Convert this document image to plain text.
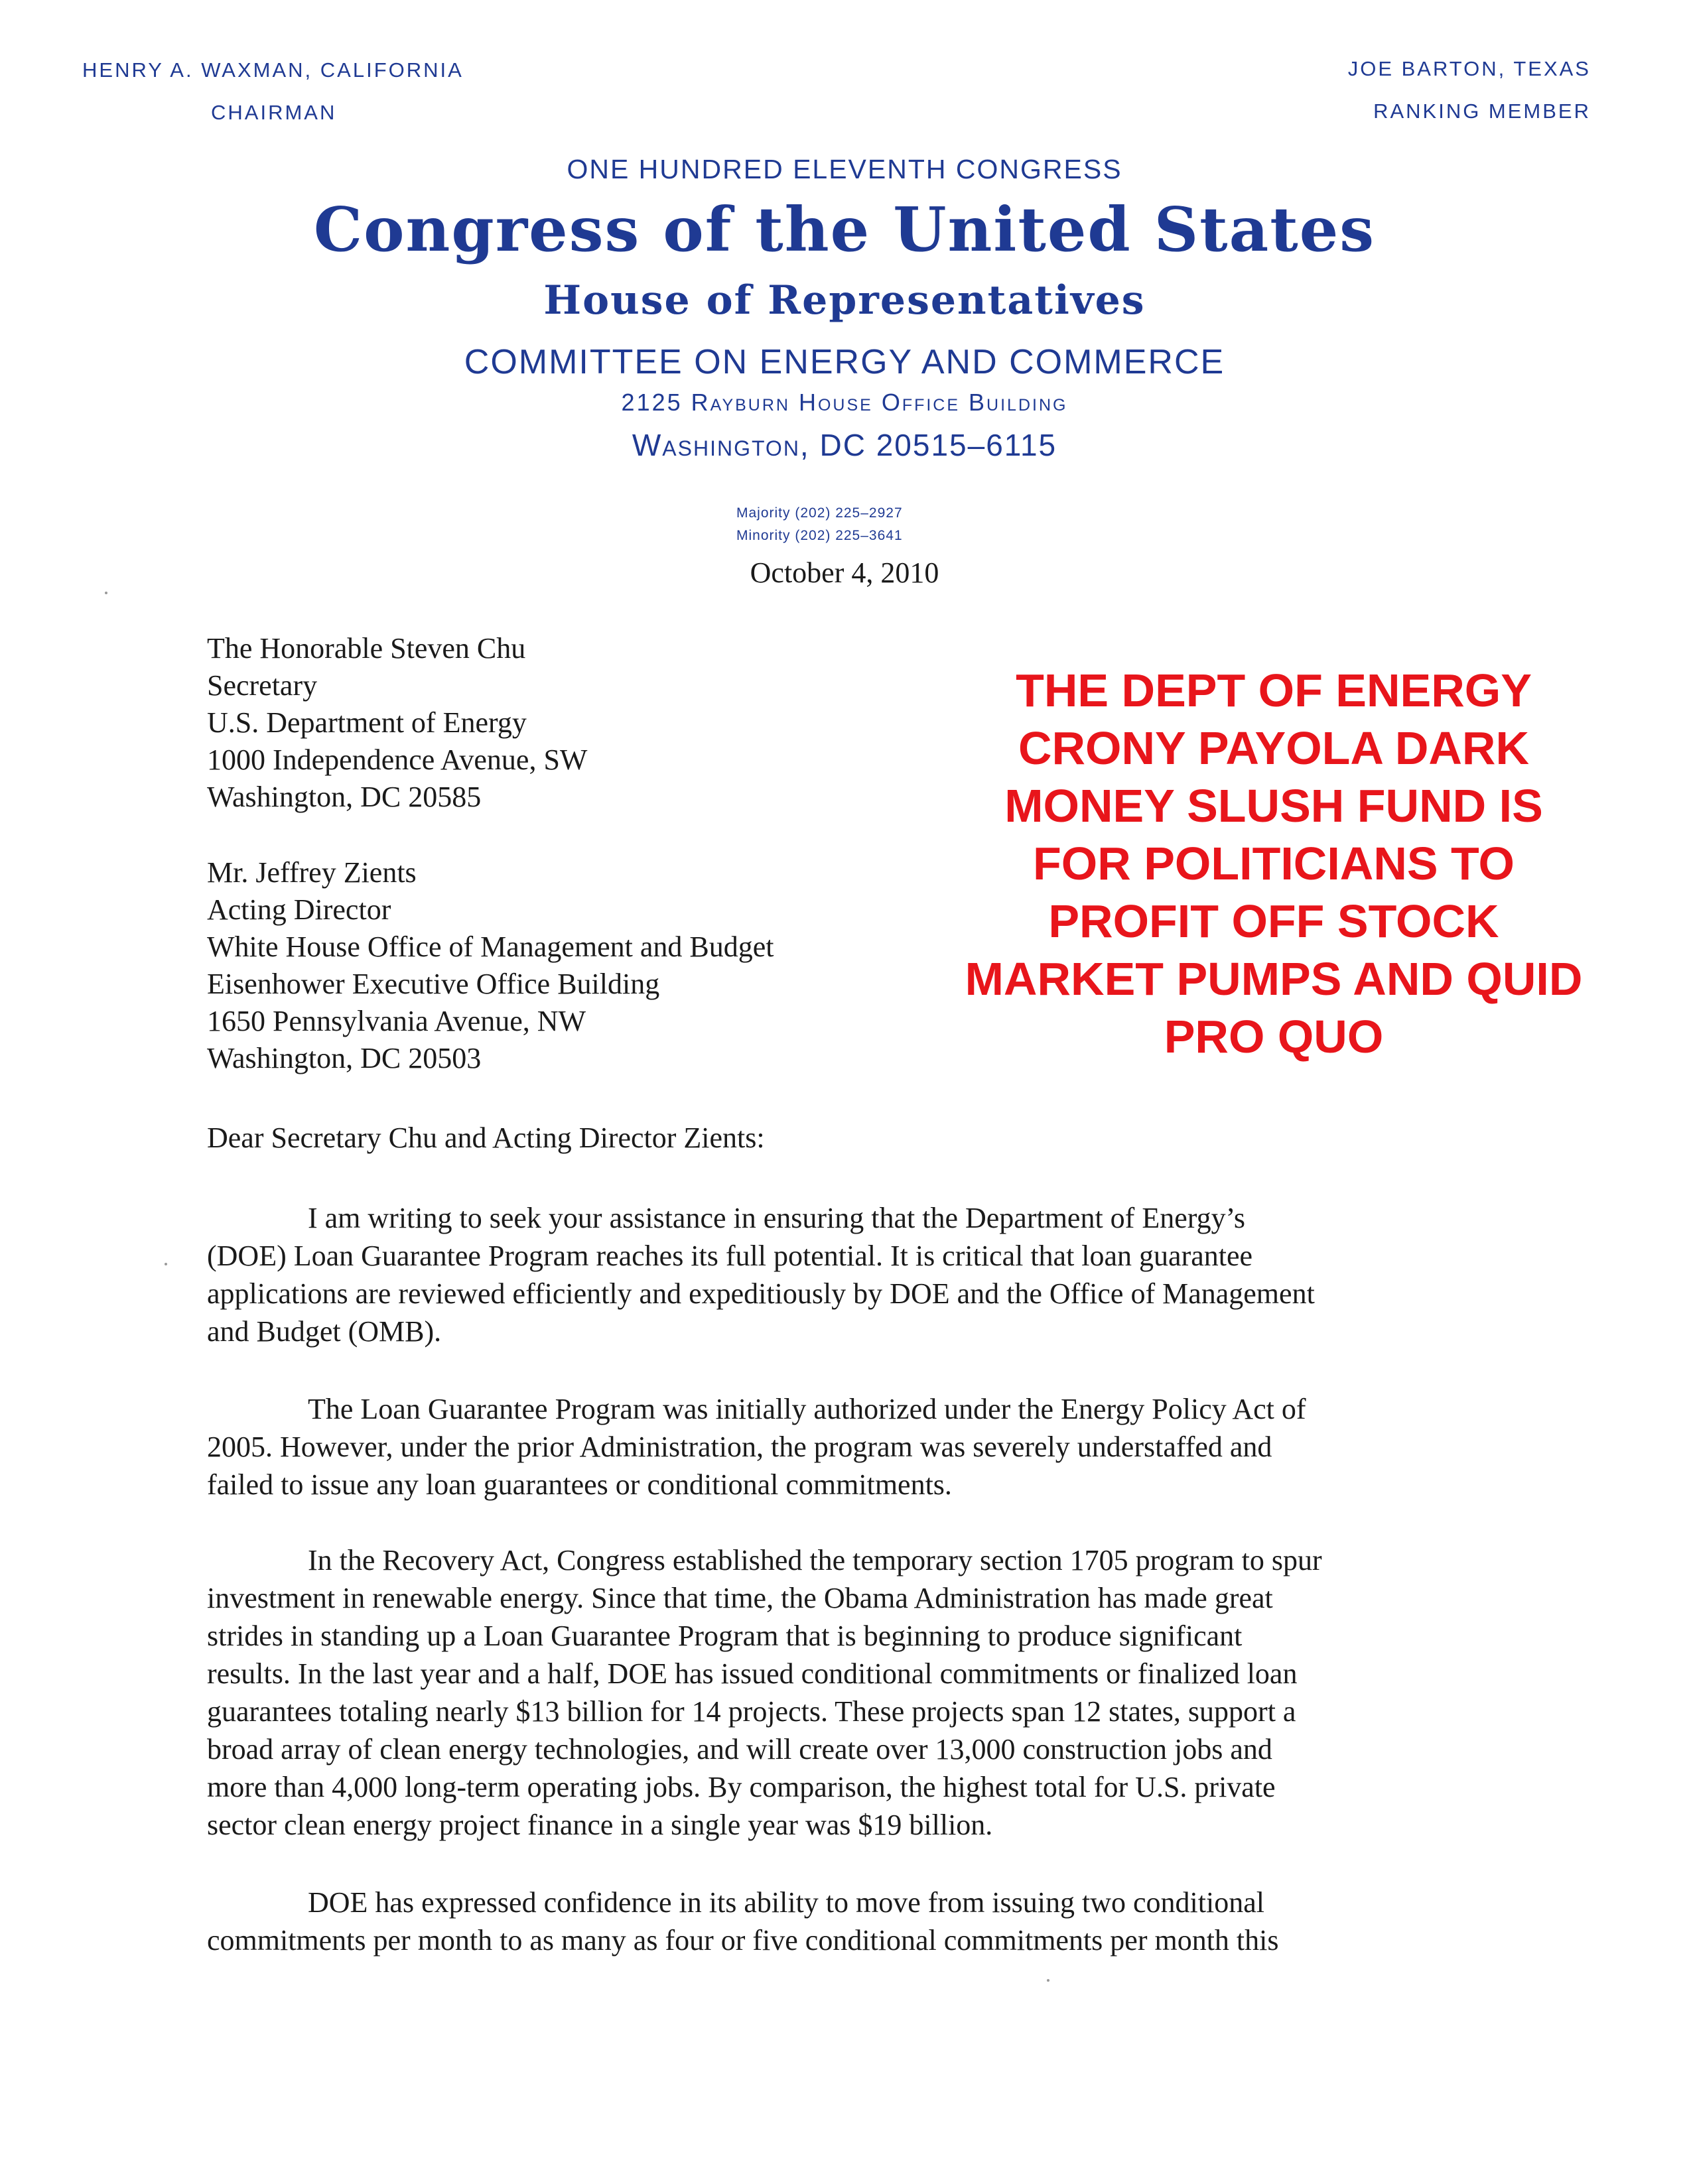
HENRY A. WAXMAN, CALIFORNIA
CHAIRMAN
JOE BARTON, TEXAS
RANKING MEMBER
ONE HUNDRED ELEVENTH CONGRESS
Congress of the United States
House of Representatives
COMMITTEE ON ENERGY AND COMMERCE
2125 Rayburn House Office Building
Washington, DC 20515–6115
Majority (202) 225–2927
Minority (202) 225–3641
October 4, 2010
The Honorable Steven Chu
Secretary
U.S. Department of Energy
1000 Independence Avenue, SW
Washington, DC 20585
Mr. Jeffrey Zients
Acting Director
White House Office of Management and Budget
Eisenhower Executive Office Building
1650 Pennsylvania Avenue, NW
Washington, DC 20503
THE DEPT OF ENERGY
CRONY PAYOLA DARK
MONEY SLUSH FUND IS
FOR POLITICIANS TO
PROFIT OFF STOCK
MARKET PUMPS AND QUID
PRO QUO
Dear Secretary Chu and Acting Director Zients:
I am writing to seek your assistance in ensuring that the Department of Energy’s
(DOE) Loan Guarantee Program reaches its full potential. It is critical that loan guarantee
applications are reviewed efficiently and expeditiously by DOE and the Office of Management
and Budget (OMB).
The Loan Guarantee Program was initially authorized under the Energy Policy Act of
2005. However, under the prior Administration, the program was severely understaffed and
failed to issue any loan guarantees or conditional commitments.
In the Recovery Act, Congress established the temporary section 1705 program to spur
investment in renewable energy. Since that time, the Obama Administration has made great
strides in standing up a Loan Guarantee Program that is beginning to produce significant
results. In the last year and a half, DOE has issued conditional commitments or finalized loan
guarantees totaling nearly $13 billion for 14 projects. These projects span 12 states, support a
broad array of clean energy technologies, and will create over 13,000 construction jobs and
more than 4,000 long-term operating jobs. By comparison, the highest total for U.S. private
sector clean energy project finance in a single year was $19 billion.
DOE has expressed confidence in its ability to move from issuing two conditional
commitments per month to as many as four or five conditional commitments per month this
